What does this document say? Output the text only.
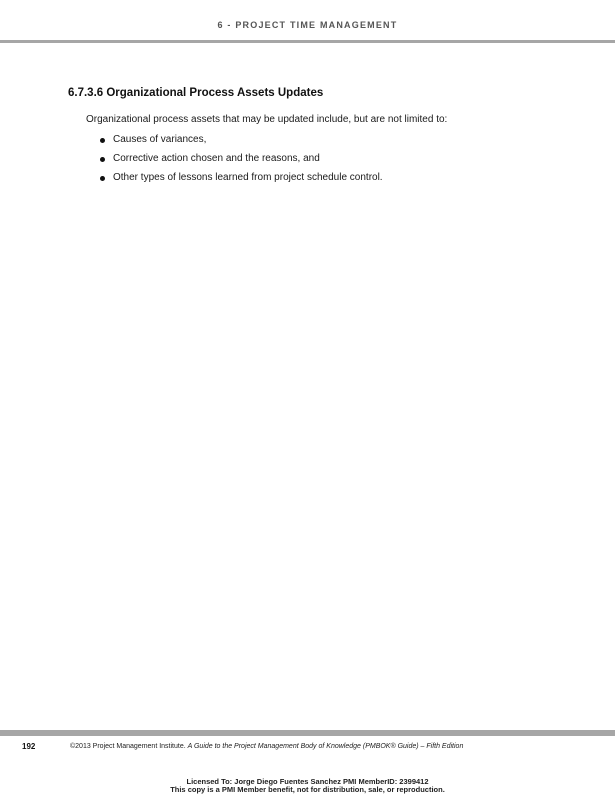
6 - PROJECT TIME MANAGEMENT
6.7.3.6 Organizational Process Assets Updates
Organizational process assets that may be updated include, but are not limited to:
Causes of variances,
Corrective action chosen and the reasons, and
Other types of lessons learned from project schedule control.
192	©2013 Project Management Institute. A Guide to the Project Management Body of Knowledge (PMBOK® Guide) – Fifth Edition
Licensed To: Jorge Diego Fuentes Sanchez PMI MemberID: 2399412
This copy is a PMI Member benefit, not for distribution, sale, or reproduction.
